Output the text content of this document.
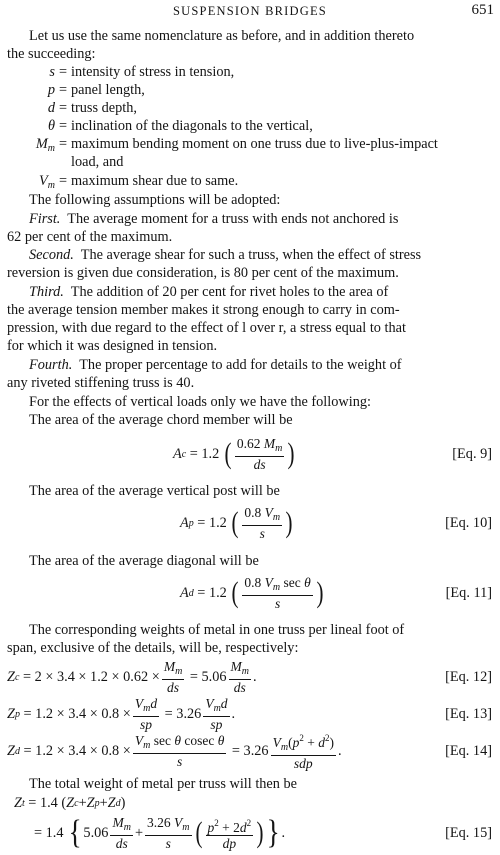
SUSPENSION BRIDGES	651
Let us use the same nomenclature as before, and in addition thereto
the succeeding:
s = intensity of stress in tension,
p = panel length,
d = truss depth,
θ = inclination of the diagonals to the vertical,
$M_m$ = maximum bending moment on one truss due to live-plus-impact
load, and
$V_m$ = maximum shear due to same.
The following assumptions will be adopted:
First. The average moment for a truss with ends not anchored is
62 per cent of the maximum.
Second. The average shear for such a truss, when the effect of stress
reversion is given due consideration, is 80 per cent of the maximum.
Third. The addition of 20 per cent for rivet holes to the area of
the average tension member makes it strong enough to carry in com-
pression, with due regard to the effect of l over r, a stress equal to that
for which it was designed in tension.
Fourth. The proper percentage to add for details to the weight of
any riveted stiffening truss is 40.
For the effects of vertical loads only we have the following:
The area of the average chord member will be
A c = 1.2 ( $\frac{0.62 M_m}{ds}$ )	[Eq. 9]
The area of the average vertical post will be
A p = 1.2 ( $\frac{0.8 V_m}{s}$ )	[Eq. 10]
The area of the average diagonal will be
A d = 1.2 ( $\frac{0.8 V_m \sec \theta}{s}$ )	[Eq. 11]
The corresponding weights of metal in one truss per lineal foot of
span, exclusive of the details, will be, respectively:
Z $c = 2 \times 3.4 \times 1.2 \times 0.62 \times \frac{M_m}{ds} = 5.06 \frac{M_m}{ds}$ .	[Eq. 12]
Z $p = 1.2 \times 3.4 \times 0.8 \times \frac{V_md}{sp} = 3.26 \frac{V_md}{sp}$ .	[Eq. 13]
Z $d = 1.2 \times 3.4 \times 0.8 \times \frac{V_m \sec \theta cosec \theta}{s} = 3.26 \frac{V_m(p^2 + d^2)}{\text{sdp}}$ .	[Eq. 14]
The total weight of metal per truss will then be
Z t = 1.4 ( Z c + Z p + Z d )
= 1.4 { $5.06 \frac{M_m}{ds} + \frac{3.26 V_m}{s}$ ( $\frac{p^2 + 2d^2}{dp}$ ) } .	[Eq. 15]
